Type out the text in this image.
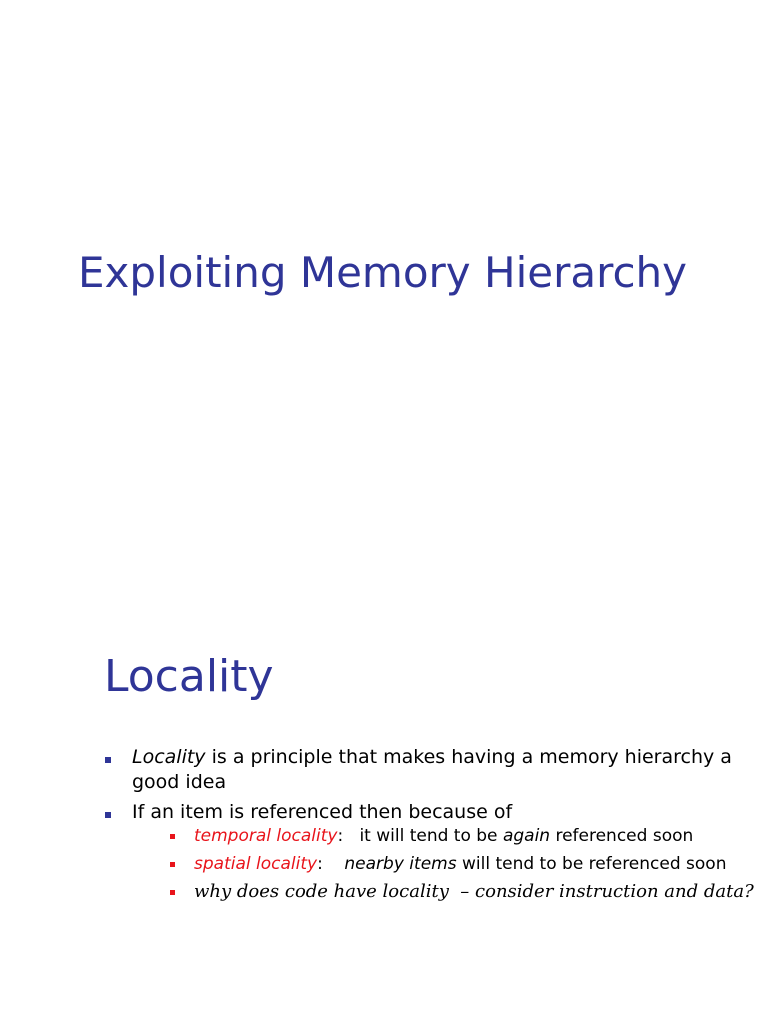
Exploiting Memory Hierarchy
Locality
Locality is a principle that makes having a memory hierarchy a good idea
If an item is referenced then because of
temporal locality:   it will tend to be again referenced soon
spatial locality:    nearby items will tend to be referenced soon
why does code have locality  – consider instruction and data?
